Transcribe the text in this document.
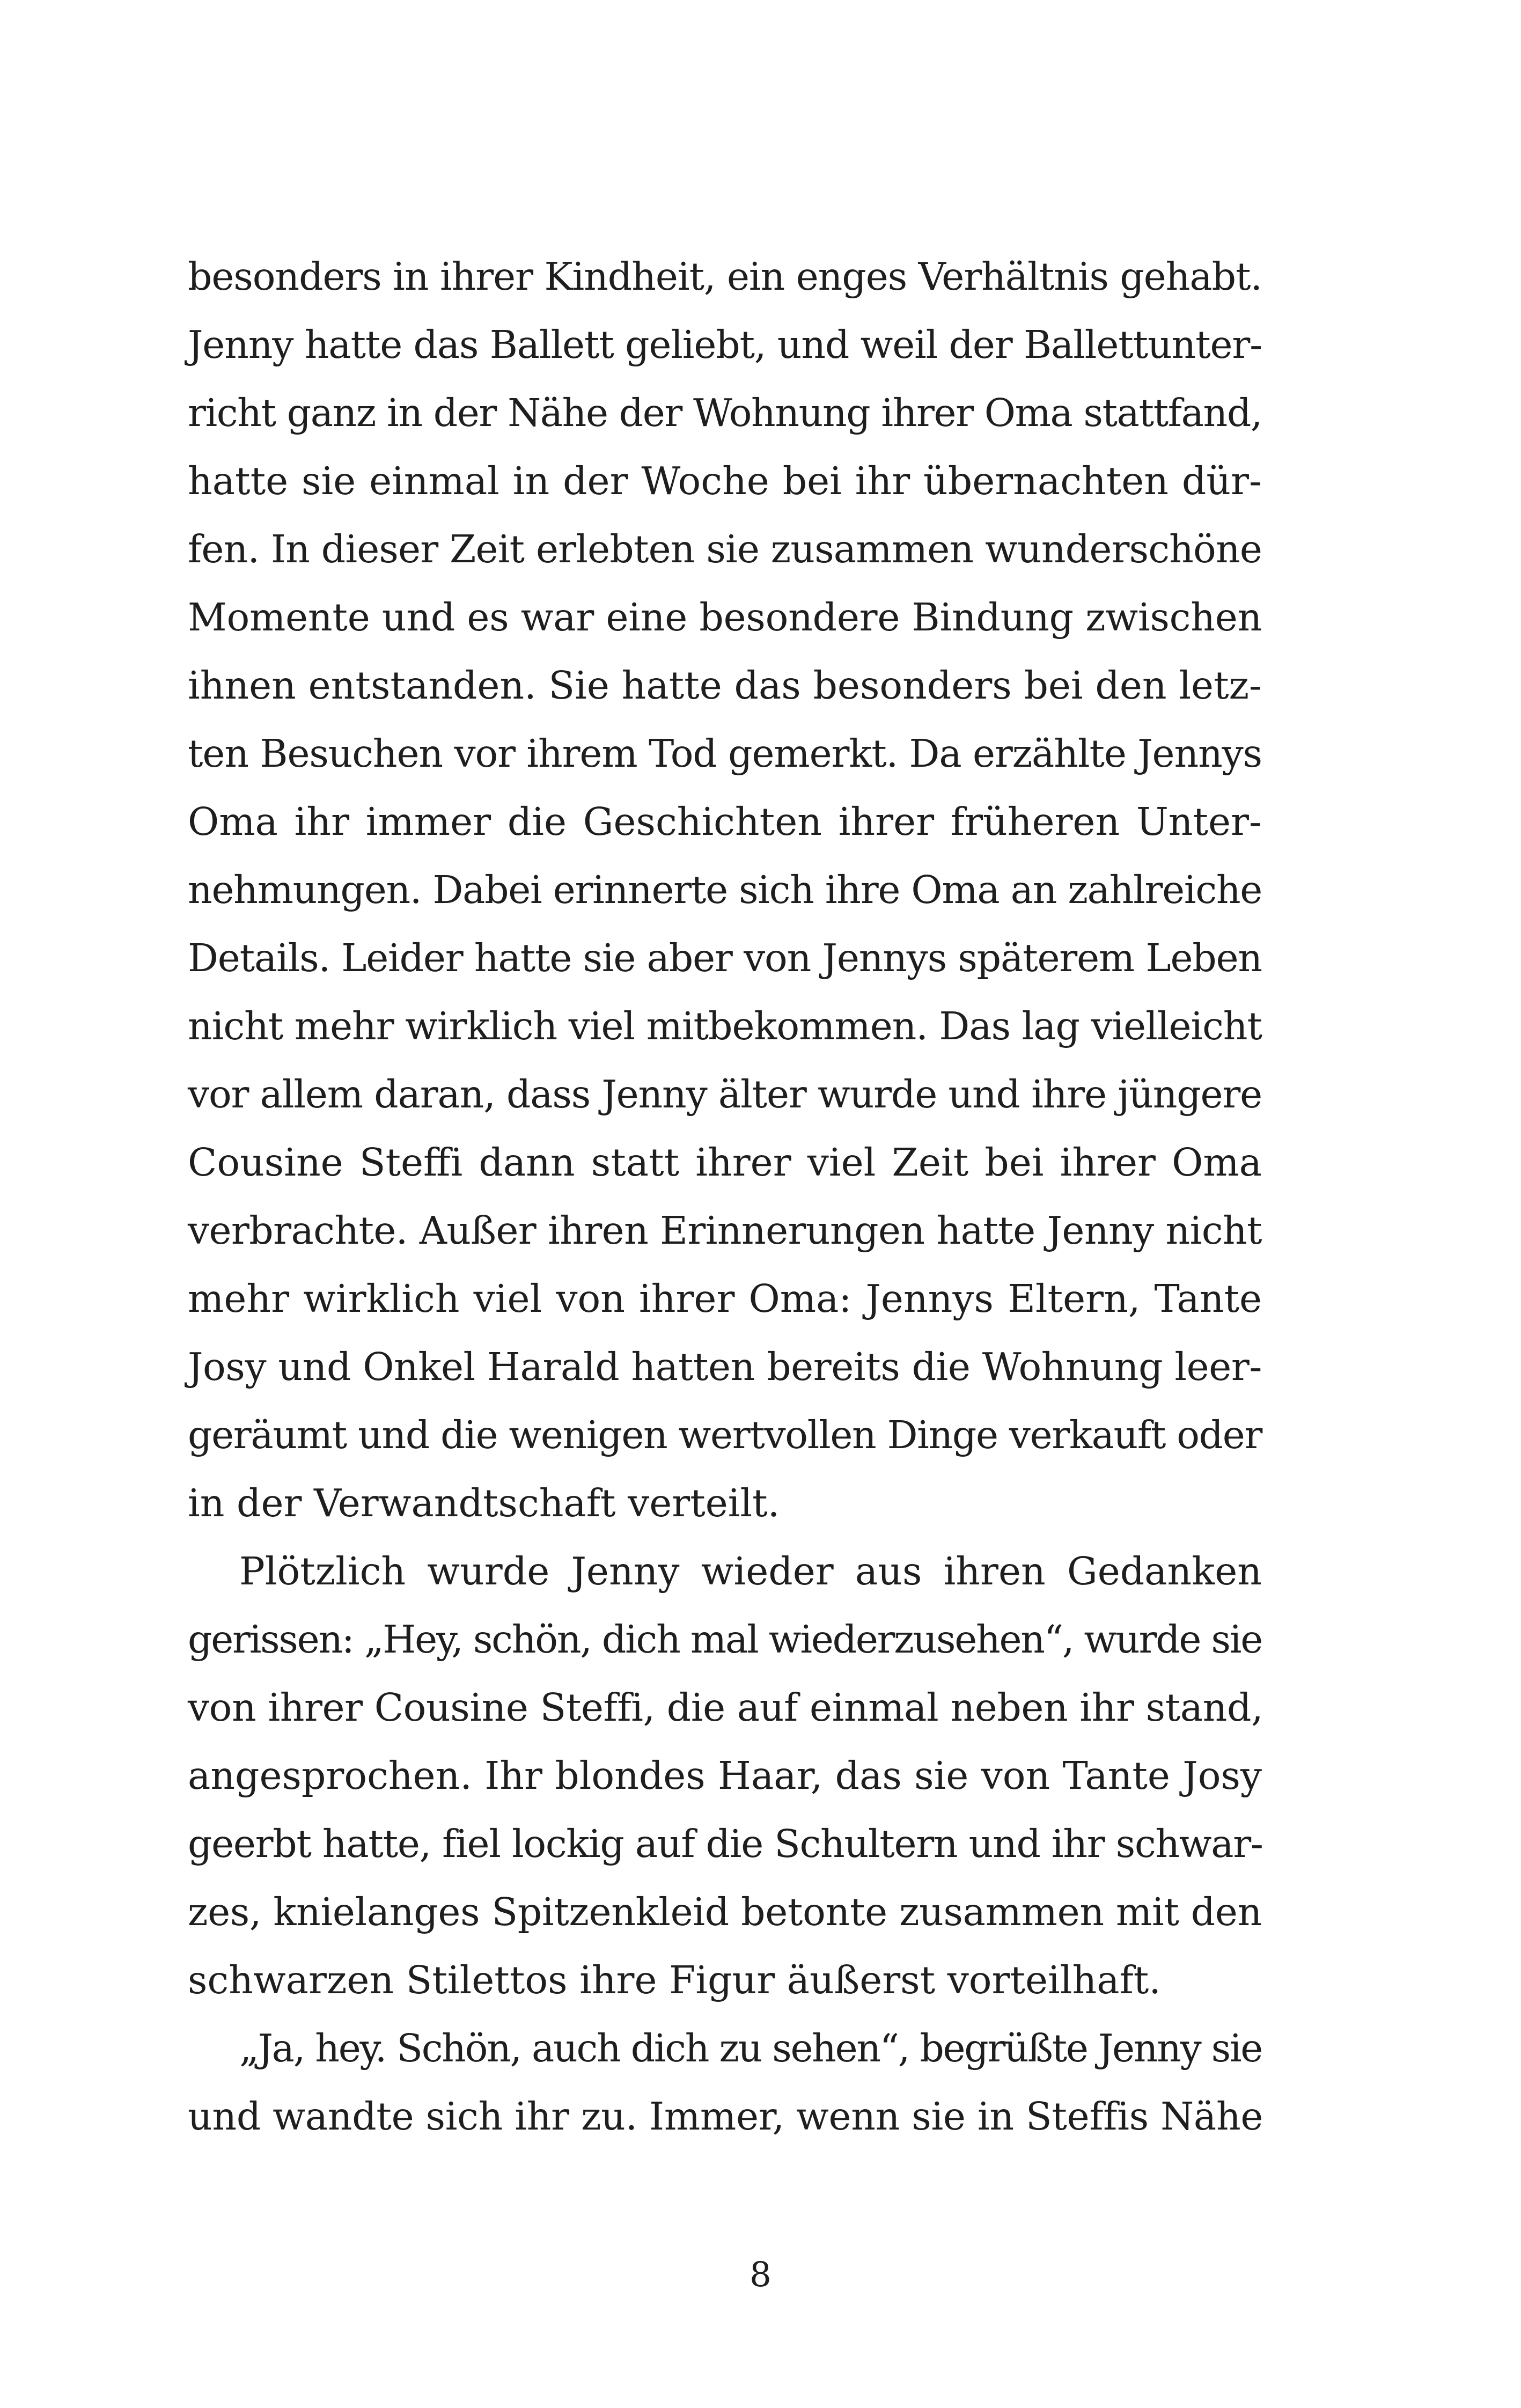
besonders in ihrer Kindheit, ein enges Verhältnis gehabt.
Jenny hatte das Ballett geliebt, und weil der Ballettunter-
richt ganz in der Nähe der Wohnung ihrer Oma stattfand,
hatte sie einmal in der Woche bei ihr übernachten dür-
fen. In dieser Zeit erlebten sie zusammen wunderschöne
Momente und es war eine besondere Bindung zwischen
ihnen entstanden. Sie hatte das besonders bei den letz-
ten Besuchen vor ihrem Tod gemerkt. Da erzählte Jennys
Oma ihr immer die Geschichten ihrer früheren Unter-
nehmungen. Dabei erinnerte sich ihre Oma an zahlreiche
Details. Leider hatte sie aber von Jennys späterem Leben
nicht mehr wirklich viel mitbekommen. Das lag vielleicht
vor allem daran, dass Jenny älter wurde und ihre jüngere
Cousine Steffi dann statt ihrer viel Zeit bei ihrer Oma
verbrachte. Außer ihren Erinnerungen hatte Jenny nicht
mehr wirklich viel von ihrer Oma: Jennys Eltern, Tante
Josy und Onkel Harald hatten bereits die Wohnung leer-
geräumt und die wenigen wertvollen Dinge verkauft oder
in der Verwandtschaft verteilt.
Plötzlich wurde Jenny wieder aus ihren Gedanken
gerissen: „Hey, schön, dich mal wiederzusehen“, wurde sie
von ihrer Cousine Steffi, die auf einmal neben ihr stand,
angesprochen. Ihr blondes Haar, das sie von Tante Josy
geerbt hatte, fiel lockig auf die Schultern und ihr schwar-
zes, knielanges Spitzenkleid betonte zusammen mit den
schwarzen Stilettos ihre Figur äußerst vorteilhaft.
„Ja, hey. Schön, auch dich zu sehen“, begrüßte Jenny sie
und wandte sich ihr zu. Immer, wenn sie in Steffis Nähe
8
